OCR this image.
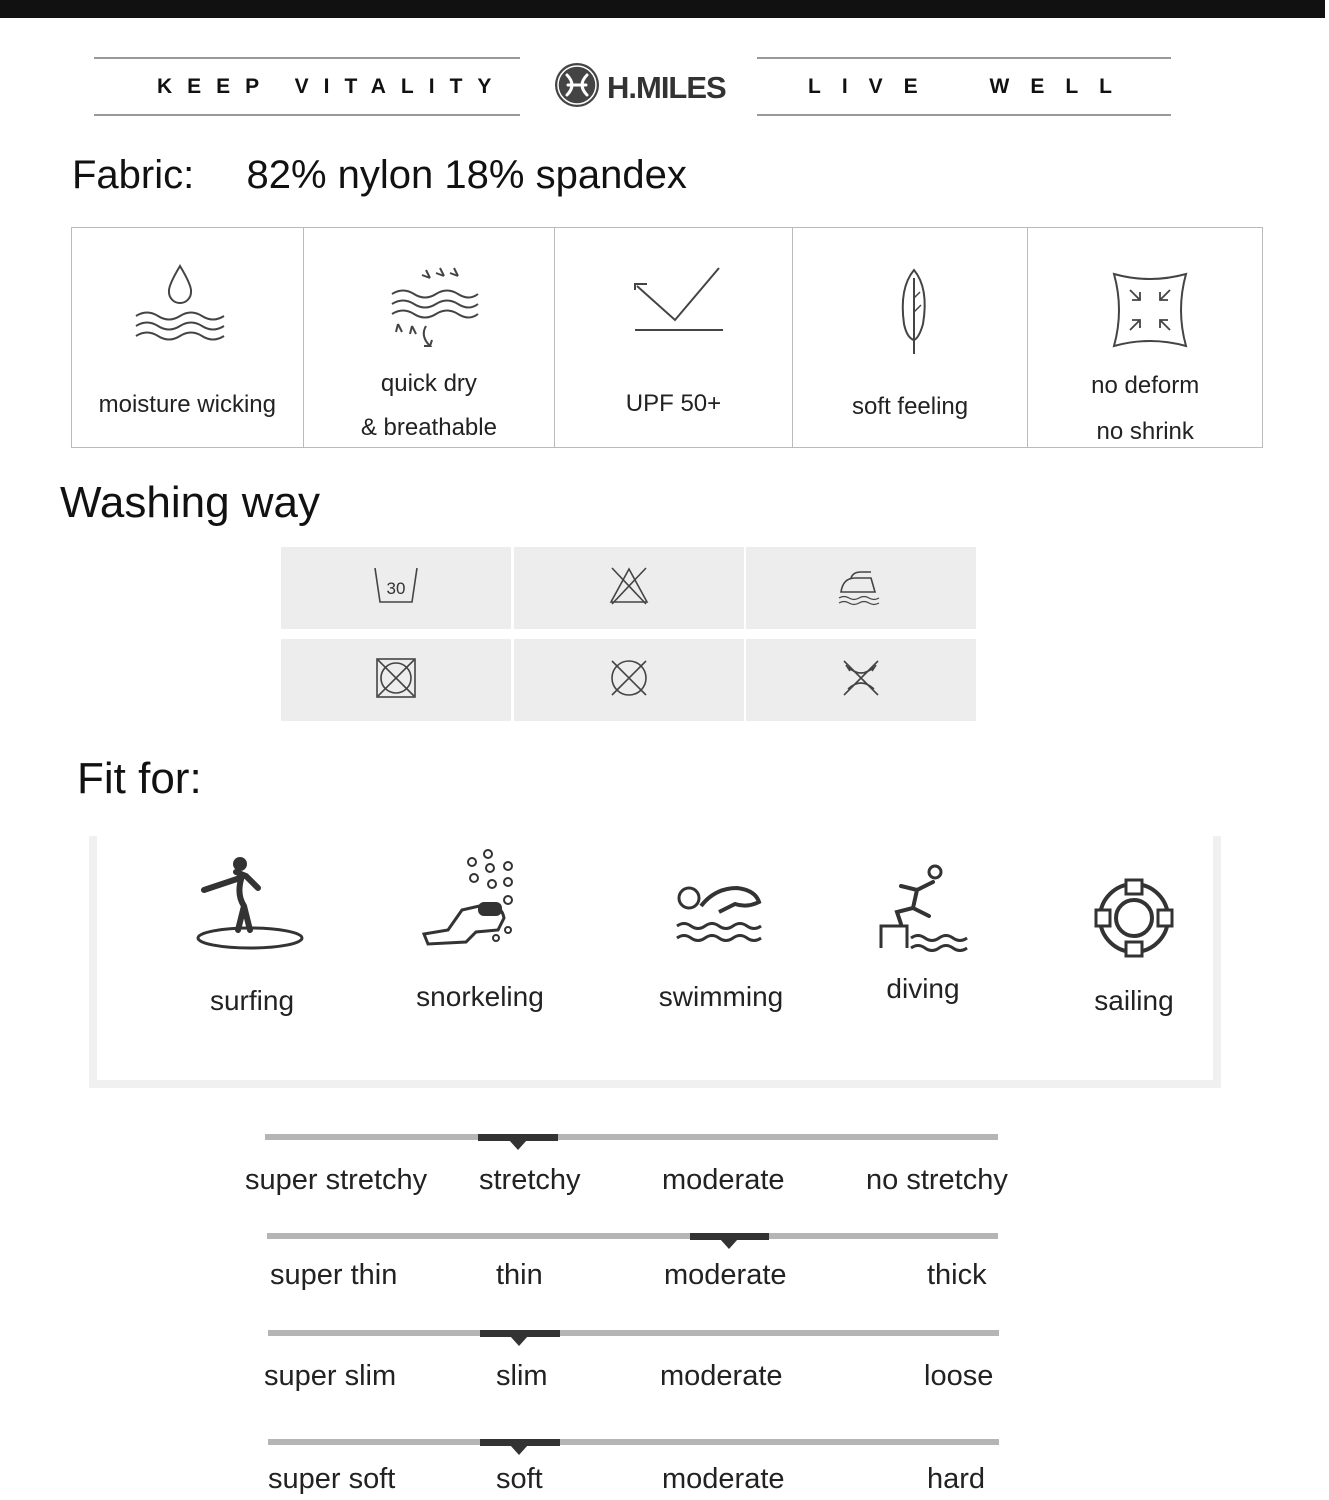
KEEP VITALITY	LIVE WELL
H.MILES
Fabric: 82% nylon 18% spandex
moisture wicking
quick dry
& breathable
UPF 50+	soft feeling
no deform
no shrink
Washing way
30
Fit for:
surfing	snorkeling	swimming	diving	sailing
super stretchy stretchy	moderate	no stretchy
super thin	thin	moderate	thick
super slim	slim	moderate	loose
super soft	soft	moderate	hard
